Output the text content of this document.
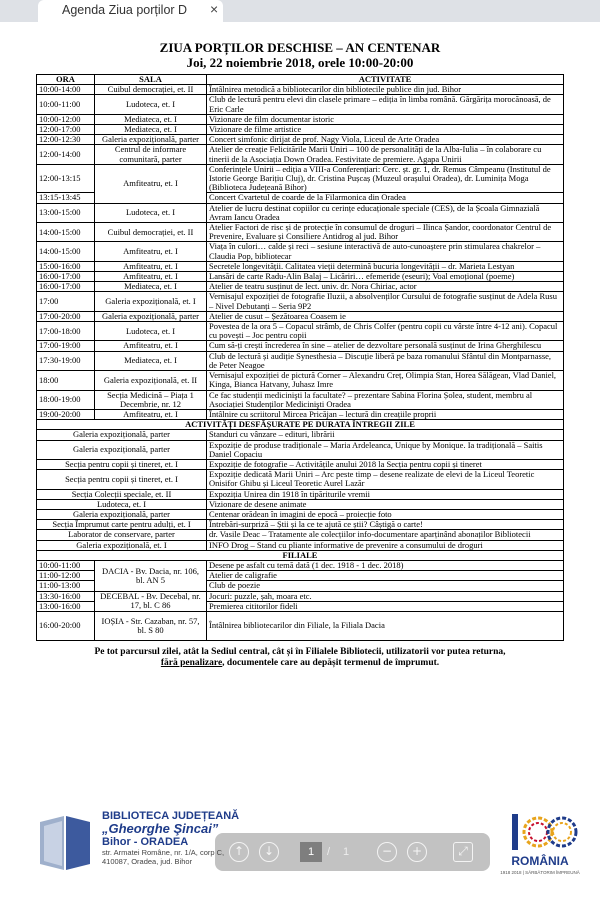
Agenda Ziua porților D	×
ZIUA PORȚILOR DESCHISE – AN CENTENAR
Joi, 22 noiembrie 2018, orele 10:00-20:00
ORA	SALA	ACTIVITATE
10:00-14:00	Cuibul democrației, et. II	Întâlnirea metodică a bibliotecarilor din bibliotecile publice din jud. Bihor
10:00-11:00	Ludoteca, et. I	Club de lectură pentru elevi din clasele primare – ediția în limba română. Gărgărița morocănoasă, de Eric Carle
10:00-12:00	Mediateca, et. I	Vizionare de film documentar istoric
12:00-17:00	Mediateca, et. I	Vizionare de filme artistice
12:00-12:30	Galeria expozițională, parter	Concert simfonic dirijat de prof. Nagy Viola, Liceul de Arte Oradea
12:00-14:00	Centrul de informare comunitară, parter	Atelier de creație Felicitările Marii Uniri – 100 de personalități de la Alba-Iulia – în colaborare cu tinerii de la Asociația Down Oradea. Festivitate de premiere. Agapa Unirii
12:00-13:15	Amfiteatru, et. I	Conferințele Unirii – ediția a VIII-a Conferențiari: Cerc. șt. gr. 1, dr. Remus Câmpeanu (Institutul de Istorie George Barițiu Cluj), dr. Cristina Pușcaș (Muzeul orașului Oradea), dr. Luminița Moga (Biblioteca Județeană Bihor)
13:15-13:45		Concert Cvartetul de coarde de la Filarmonica din Oradea
13:00-15:00	Ludoteca, et. I	Atelier de lucru destinat copiilor cu cerințe educaționale speciale (CES), de la Școala Gimnazială Avram Iancu Oradea
14:00-15:00	Cuibul democrației, et. II	Atelier Factori de risc și de protecție în consumul de droguri – Ilinca Șandor, coordonator Centrul de Prevenire, Evaluare și Consiliere Antidrog al jud. Bihor
14:00-15:00	Amfiteatru, et. I	Viața în culori… calde și reci – sesiune interactivă de auto-cunoaștere prin stimularea chakrelor – Claudia Pop, bibliotecar
15:00-16:00	Amfiteatru, et. I	Secretele longevității. Calitatea vieții determină bucuria longevității – dr. Marieta Lestyan
16:00-17:00	Amfiteatru, et. I	Lansări de carte Radu-Alin Balaj – Licăriri… efemeride (eseuri); Voal emoțional (poeme)
16:00-17:00	Mediateca, et. I	Atelier de teatru susținut de lect. univ. dr. Nora Chiriac, actor
17:00	Galeria expozițională, et. I	Vernisajul expoziției de fotografie Iluzii, a absolvenților Cursului de fotografie susținut de Adela Rusu – Nivel Debutanți – Seria 9P2
17:00-20:00	Galeria expozițională, parter	Atelier de cusut – Șezătoarea Coasem ie
17:00-18:00	Ludoteca, et. I	Povestea de la ora 5 – Copacul strâmb, de Chris Colfer (pentru copii cu vârste între 4-12 ani). Copacul cu povești – Joc pentru copii
17:00-19:00	Amfiteatru, et. I	Cum să-ți crești încrederea în sine – atelier de dezvoltare personală susținut de Irina Gherghilescu
17:30-19:00	Mediateca, et. I	Club de lectură și audiție Synesthesia – Discuție liberă pe baza romanului Sfântul din Montparnasse, de Peter Neagoe
18:00	Galeria expozițională, et. II	Vernisajul expoziției de pictură Corner – Alexandru Creț, Olimpia Stan, Horea Sălăgean, Vlad Daniel, Kinga, Bianca Hatvany, Juhasz Imre
18:00-19:00	Secția Medicină – Piața 1 Decembrie, nr. 12	Ce fac studenții medicinişti la facultate? – prezentare Sabina Florina Șolea, student, membru al Asociației Studenților Medicinişti Oradea
19:00-20:00	Amfiteatru, et. I	Întâlnire cu scriitorul Mircea Pricăjan – lectură din creațiile proprii
ACTIVITĂȚI DESFĂȘURATE PE DURATA ÎNTREGII ZILE		
Galeria expozițională, parter		Standuri cu vânzare – edituri, librării
Galeria expozițională, parter		Expoziție de produse tradiționale – Maria Ardeleanca, Unique by Monique. Ia tradițională – Saitis Daniel Copaciu
Secția pentru copii și tineret, et. I		Expoziție de fotografie – Activitățile anului 2018 la Secția pentru copii și tineret
Secția pentru copii și tineret, et. I		Expoziție dedicată Marii Uniri – Arc peste timp – desene realizate de elevi de la Liceul Teoretic Onisifor Ghibu și Liceul Teoretic Aurel Lazăr
Secția Colecții speciale, et. II		Expoziția Unirea din 1918 în tipăriturile vremii
Ludoteca, et. I		Vizionare de desene animate
Galeria expozițională, parter		Centenar orădean în imagini de epocă – proiecție foto
Secția Împrumut carte pentru adulți, et. I		Întrebări-surpriză – Știi și la ce te ajută ce știi? Câștigă o carte!
Laborator de conservare, parter		dr. Vasile Deac – Tratamente ale colecțiilor info-documentare aparținând abonaților Bibliotecii
Galeria expozițională, et. I		INFO Drog – Stand cu pliante informative de prevenire a consumului de droguri
FILIALE		
10:00-11:00	DACIA - Bv. Dacia, nr. 106, bl. AN 5	Desene pe asfalt cu temă dată (1 dec. 1918 - 1 dec. 2018)
11:00-12:00		Atelier de caligrafie
11:00-13:00		Club de poezie
13:30-16:00	DECEBAL - Bv. Decebal, nr. 17, bl. C 86	Jocuri: puzzle, șah, moara etc.
13:00-16:00		Premierea cititorilor fideli
16:00-20:00	IOȘIA - Str. Cazaban, nr. 57, bl. S 80	Întâlnirea bibliotecarilor din Filiale, la Filiala Dacia
Pe tot parcursul zilei, atât la Sediul central, cât și în Filialele Bibliotecii, utilizatorii vor putea returna,
fără penalizare, documentele care au depășit termenul de împrumut.
BIBLIOTECA JUDEȚEANĂ
„Gheorghe Şincai”
Bihor - ORADEA
str. Armatei Române, nr. 1/A, corp C,
410087, Oradea, jud. Bihor	ROMÂNIA
1918 2018 | SĂRBĂTORIM ÎMPREUNĂ
↑	↓	1	/ 1	−	+	⤢
